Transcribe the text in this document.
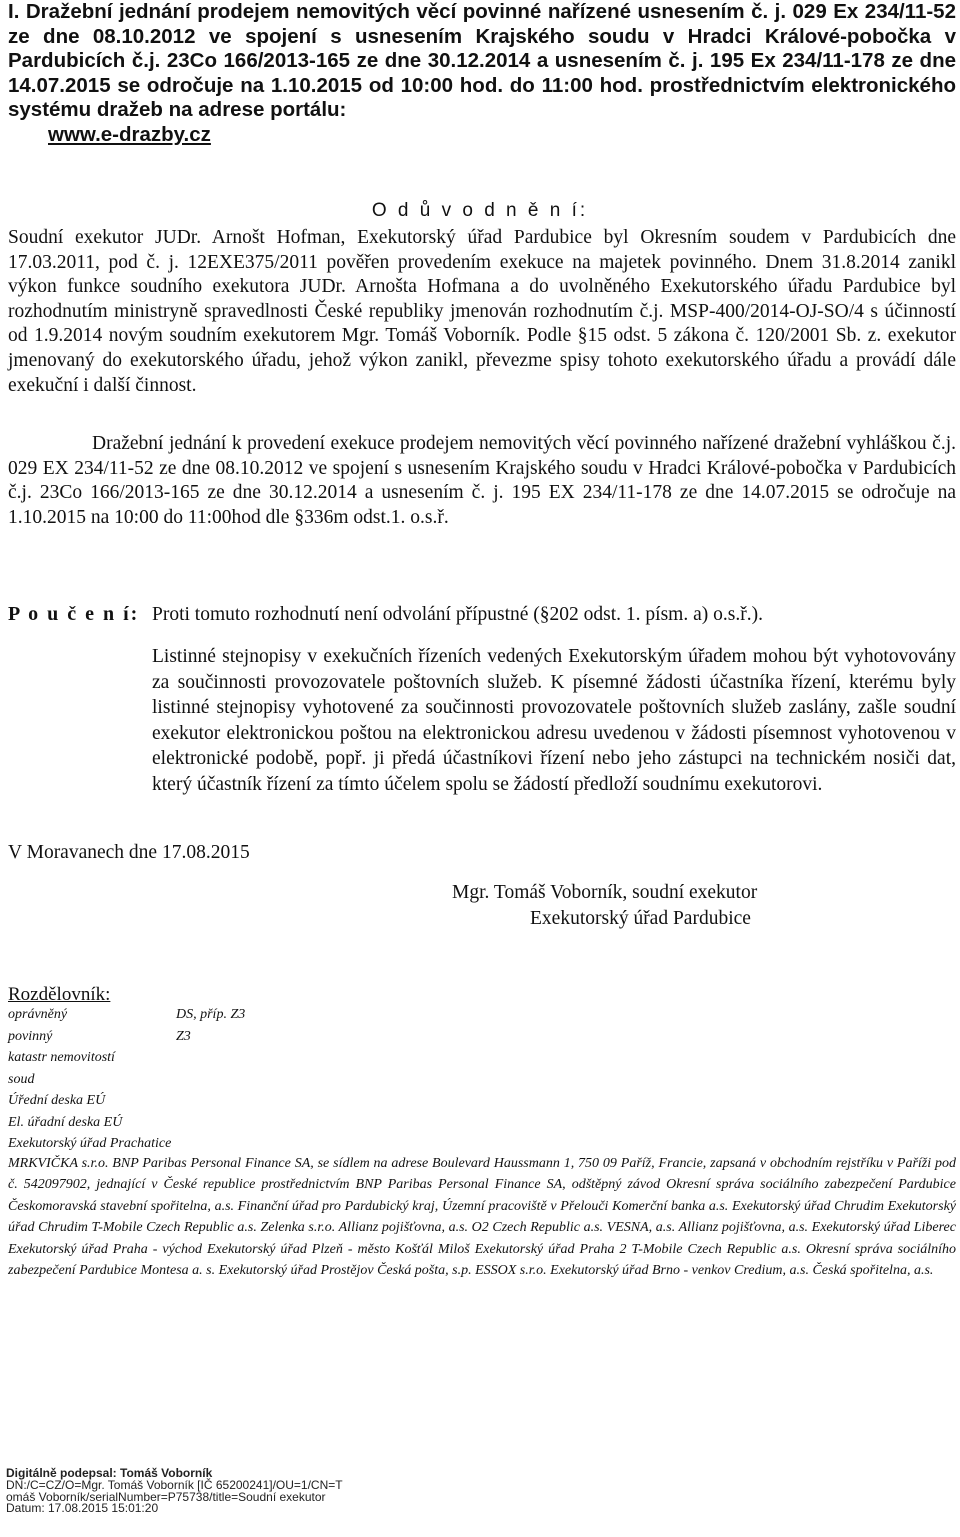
I. Dražební jednání prodejem nemovitých věcí povinné nařízené usnesením č. j. 029 Ex 234/11-52 ze dne 08.10.2012 ve spojení s usnesením Krajského soudu v Hradci Králové-pobočka v Pardubicích č.j. 23Co 166/2013-165 ze dne 30.12.2014 a usnesením č. j. 195 Ex 234/11-178 ze dne 14.07.2015 se odročuje na 1.10.2015 od 10:00 hod. do 11:00 hod. prostřednictvím elektronického systému dražeb na adrese portálu:
www.e-drazby.cz
O d ů v o d n ě n í:
Soudní exekutor JUDr. Arnošt Hofman, Exekutorský úřad Pardubice byl Okresním soudem v Pardubicích dne 17.03.2011, pod č. j. 12EXE375/2011 pověřen provedením exekuce na majetek povinného. Dnem 31.8.2014 zanikl výkon funkce soudního exekutora JUDr. Arnošta Hofmana a do uvolněného Exekutorského úřadu Pardubice byl rozhodnutím ministryně spravedlnosti České republiky jmenován rozhodnutím č.j. MSP-400/2014-OJ-SO/4 s účinností od 1.9.2014 novým soudním exekutorem Mgr. Tomáš Voborník. Podle §15 odst. 5 zákona č. 120/2001 Sb. z. exekutor jmenovaný do exekutorského úřadu, jehož výkon zanikl, převezme spisy tohoto exekutorského úřadu a provádí dále exekuční i další činnost.
Dražební jednání k provedení exekuce prodejem nemovitých věcí povinného nařízené dražební vyhláškou č.j. 029 EX 234/11-52 ze dne 08.10.2012 ve spojení s usnesením Krajského soudu v Hradci Králové-pobočka v Pardubicích č.j. 23Co 166/2013-165 ze dne 30.12.2014 a usnesením č. j. 195 EX 234/11-178 ze dne 14.07.2015 se odročuje na 1.10.2015 na 10:00 do 11:00hod dle §336m odst.1. o.s.ř.
P o u č e n í: Proti tomuto rozhodnutí není odvolání přípustné (§202 odst. 1. písm. a) o.s.ř.).
Listinné stejnopisy v exekučních řízeních vedených Exekutorským úřadem mohou být vyhotovovány za součinnosti provozovatele poštovních služeb. K písemné žádosti účastníka řízení, kterému byly listinné stejnopisy vyhotovené za součinnosti provozovatele poštovních služeb zaslány, zašle soudní exekutor elektronickou poštou na elektronickou adresu uvedenou v žádosti písemnost vyhotovenou v elektronické podobě, popř. ji předá účastníkovi řízení nebo jeho zástupci na technickém nosiči dat, který účastník řízení za tímto účelem spolu se žádostí předloží soudnímu exekutorovi.
V Moravanech dne 17.08.2015
Mgr. Tomáš Voborník, soudní exekutor
Exekutorský úřad Pardubice
Rozdělovník:
oprávněný	DS, příp. Z3
povinný	Z3
katastr nemovitostí
soud
Úřední deska EÚ
El. úřadní deska EÚ
Exekutorský úřad Prachatice
MRKVIČKA s.r.o. BNP Paribas Personal Finance SA, se sídlem na adrese Boulevard Haussmann 1, 750 09 Paříž, Francie, zapsaná v obchodním rejstříku v Paříži pod č. 542097902, jednající v České republice prostřednictvím BNP Paribas Personal Finance SA, odštěpný závod Okresní správa sociálního zabezpečení Pardubice Českomoravská stavební spořitelna, a.s. Finanční úřad pro Pardubický kraj, Územní pracoviště v Přelouči Komerční banka a.s. Exekutorský úřad Chrudim Exekutorský úřad Chrudim T-Mobile Czech Republic a.s. Zelenka s.r.o. Allianz pojišťovna, a.s. O2 Czech Republic a.s. VESNA, a.s. Allianz pojišťovna, a.s. Exekutorský úřad Liberec Exekutorský úřad Praha - východ Exekutorský úřad Plzeň - město Košťál Miloš Exekutorský úřad Praha 2 T-Mobile Czech Republic a.s. Okresní správa sociálního zabezpečení Pardubice Montesa a. s. Exekutorský úřad Prostějov Česká pošta, s.p. ESSOX s.r.o. Exekutorský úřad Brno - venkov Credium, a.s. Česká spořitelna, a.s.
Digitálně podepsal: Tomáš Voborník
DN:/C=CZ/O=Mgr. Tomáš Voborník [IČ 65200241]/OU=1/CN=T
omáš Voborník/serialNumber=P75738/title=Soudní exekutor
Datum: 17.08.2015 15:01:20
